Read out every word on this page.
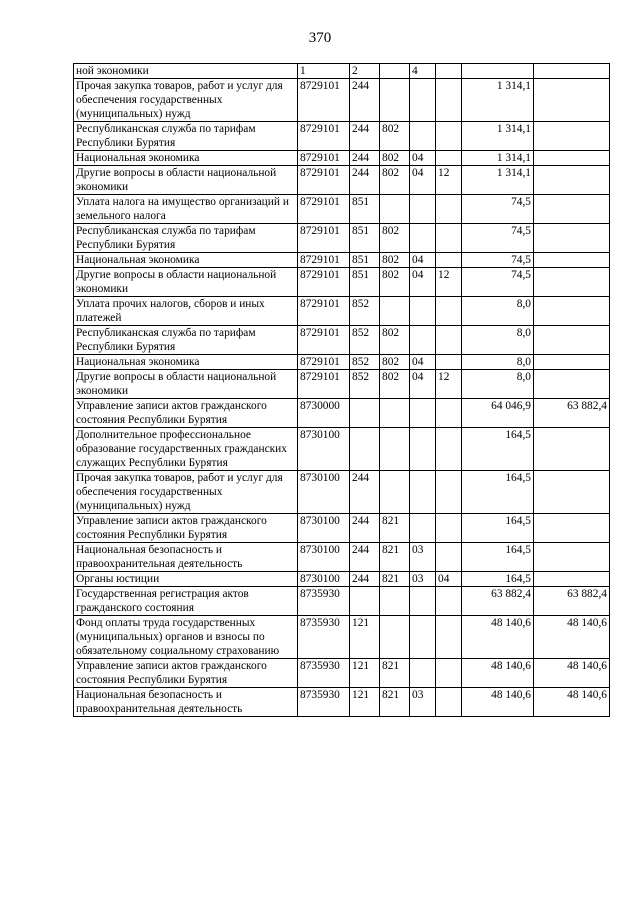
370
ной экономики	1	2		4			
Прочая закупка товаров, работ и услуг для обеспечения государственных (муниципальных) нужд	8729101	244				1 314,1	
Республиканская служба по тарифам Республики Бурятия	8729101	244	802			1 314,1	
Национальная экономика	8729101	244	802	04		1 314,1	
Другие вопросы в области национальной экономики	8729101	244	802	04	12	1 314,1	
Уплата налога на имущество организаций и земельного налога	8729101	851				74,5	
Республиканская служба по тарифам Республики Бурятия	8729101	851	802			74,5	
Национальная экономика	8729101	851	802	04		74,5	
Другие вопросы в области национальной экономики	8729101	851	802	04	12	74,5	
Уплата прочих налогов, сборов и иных платежей	8729101	852				8,0	
Республиканская служба по тарифам Республики Бурятия	8729101	852	802			8,0	
Национальная экономика	8729101	852	802	04		8,0	
Другие вопросы в области национальной экономики	8729101	852	802	04	12	8,0	
Управление записи актов гражданского состояния Республики Бурятия	8730000					64 046,9	63 882,4
Дополнительное профессиональное образование государственных гражданских служащих Республики Бурятия	8730100					164,5	
Прочая закупка товаров, работ и услуг для обеспечения государственных (муниципальных) нужд	8730100	244				164,5	
Управление записи актов гражданского состояния Республики Бурятия	8730100	244	821			164,5	
Национальная безопасность и правоохранительная деятельность	8730100	244	821	03		164,5	
Органы юстиции	8730100	244	821	03	04	164,5	
Государственная регистрация актов гражданского состояния	8735930					63 882,4	63 882,4
Фонд оплаты труда государственных (муниципальных) органов и взносы по обязательному социальному страхованию	8735930	121				48 140,6	48 140,6
Управление записи актов гражданского состояния Республики Бурятия	8735930	121	821			48 140,6	48 140,6
Национальная безопасность и правоохранительная деятельность	8735930	121	821	03		48 140,6	48 140,6
